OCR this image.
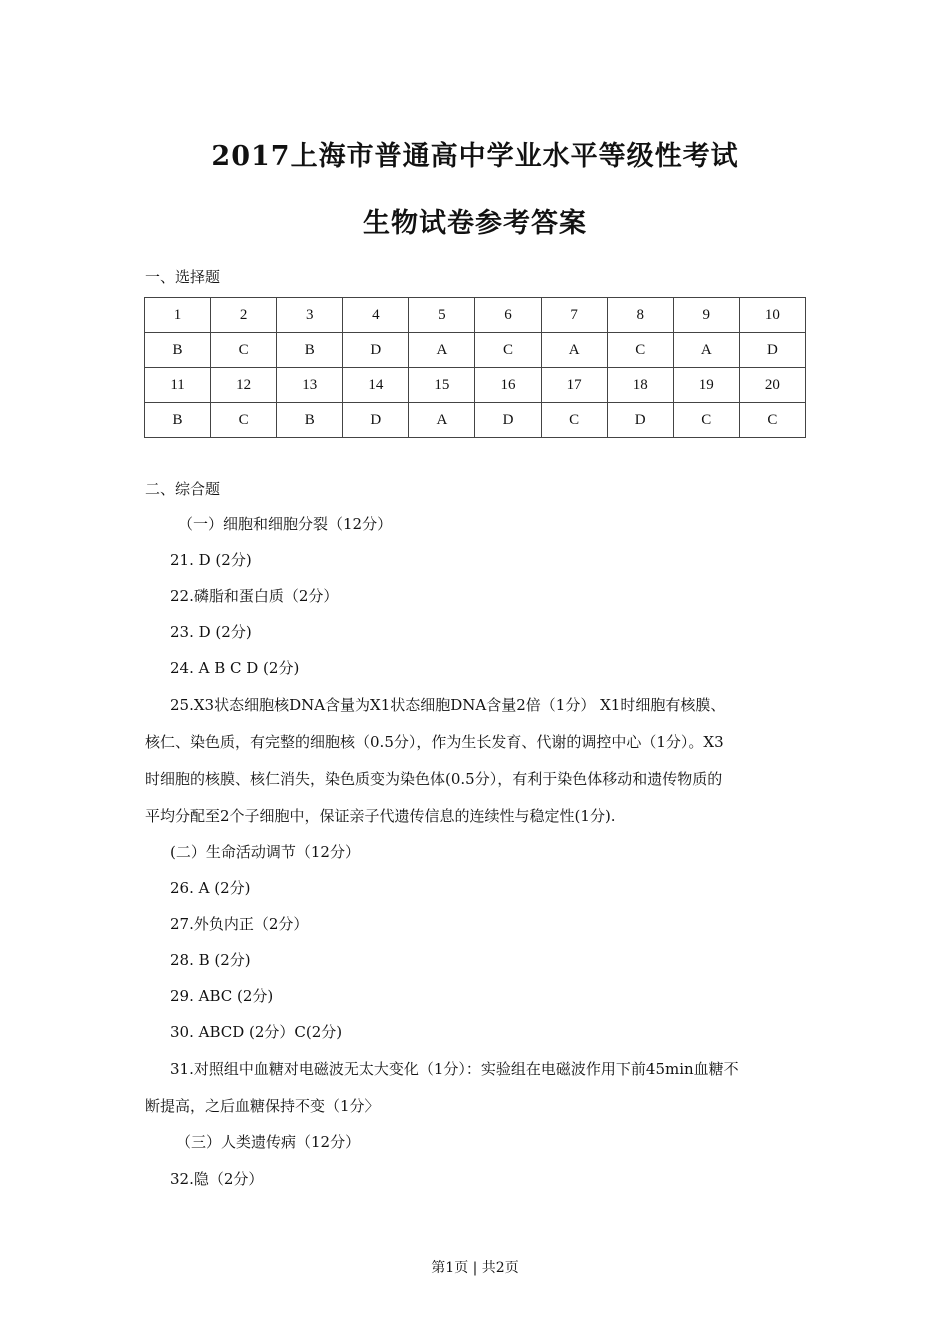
2017上海市普通高中学业水平等级性考试
生物试卷参考答案
一、选择题
1	2	3	4	5	6	7	8	9	10
B	C	B	D	A	C	A	C	A	D
11	12	13	14	15	16	17	18	19	20
B	C	B	D	A	D	C	D	C	C
二、综合题
（一）细胞和细胞分裂（12分）
21. D (2分)
22.磷脂和蛋白质（2分）
23. D (2分)
24. A B C D (2分)
25.X3状态细胞核DNA含量为X1状态细胞DNA含量2倍（1分） X1时细胞有核膜、
核仁、染色质，有完整的细胞核（0.5分），作为生长发育、代谢的调控中心（1分）。X3
时细胞的核膜、核仁消失，染色质变为染色体(0.5分），有利于染色体移动和遗传物质的
平均分配至2个子细胞中，保证亲子代遗传信息的连续性与稳定性(1分).
(二）生命活动调节（12分）
26. A (2分)
27.外负内正（2分）
28. B (2分)
29. ABC (2分)
30. ABCD (2分）C(2分)
31.对照组中血糖对电磁波无太大变化（1分）：实验组在电磁波作用下前45min血糖不
断提高，之后血糖保持不变（1分〉
（三）人类遗传病（12分）
32.隐（2分）
第1页 | 共2页
